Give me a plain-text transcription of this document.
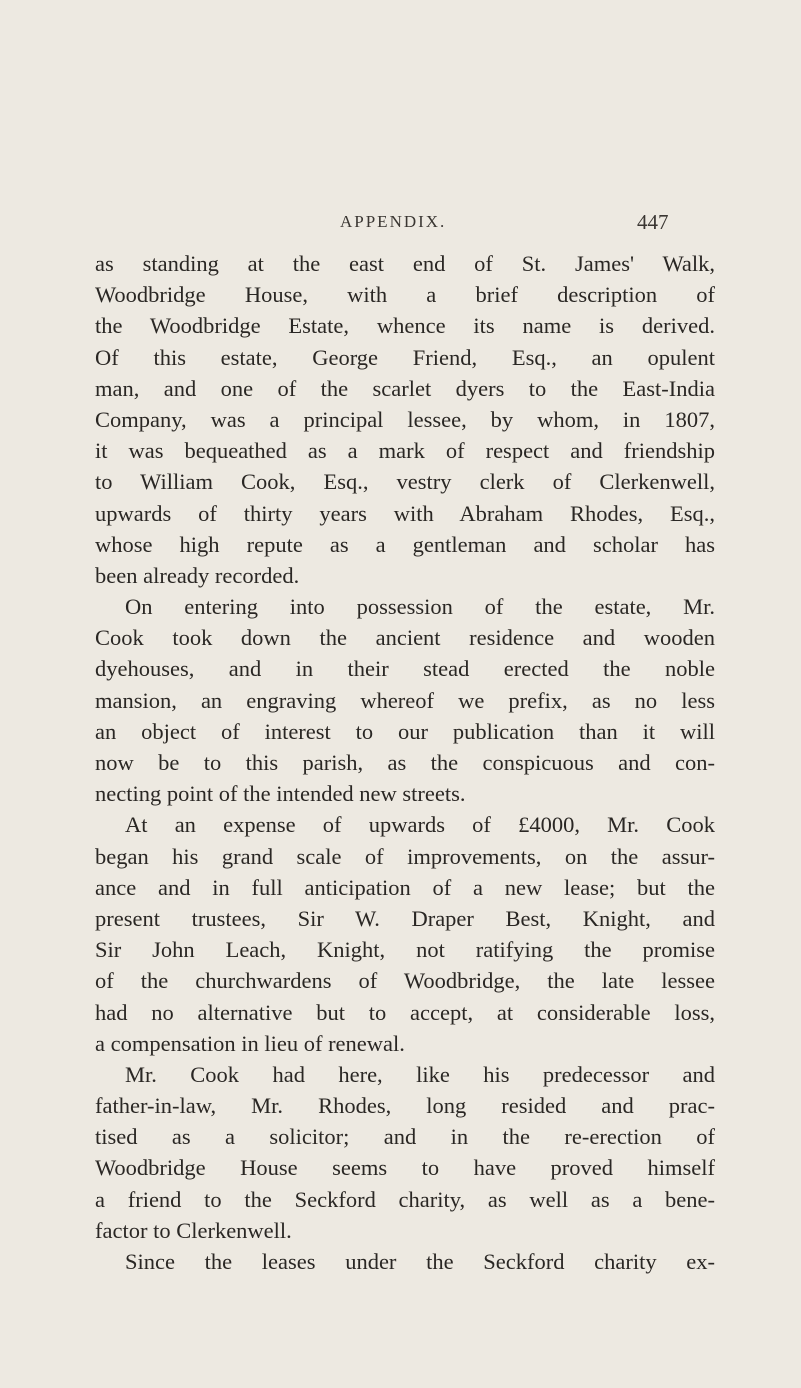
APPENDIX.	447
as standing at the east end of St. James' Walk,
Woodbridge House, with a brief description of
the Woodbridge Estate, whence its name is derived.
Of this estate, George Friend, Esq., an opulent
man, and one of the scarlet dyers to the East-India
Company, was a principal lessee, by whom, in 1807,
it was bequeathed as a mark of respect and friendship
to William Cook, Esq., vestry clerk of Clerkenwell,
upwards of thirty years with Abraham Rhodes, Esq.,
whose high repute as a gentleman and scholar has
been already recorded.
On entering into possession of the estate, Mr.
Cook took down the ancient residence and wooden
dyehouses, and in their stead erected the noble
mansion, an engraving whereof we prefix, as no less
an object of interest to our publication than it will
now be to this parish, as the conspicuous and con-
necting point of the intended new streets.
At an expense of upwards of £4000, Mr. Cook
began his grand scale of improvements, on the assur-
ance and in full anticipation of a new lease; but the
present trustees, Sir W. Draper Best, Knight, and
Sir John Leach, Knight, not ratifying the promise
of the churchwardens of Woodbridge, the late lessee
had no alternative but to accept, at considerable loss,
a compensation in lieu of renewal.
Mr. Cook had here, like his predecessor and
father-in-law, Mr. Rhodes, long resided and prac-
tised as a solicitor; and in the re-erection of
Woodbridge House seems to have proved himself
a friend to the Seckford charity, as well as a bene-
factor to Clerkenwell.
Since the leases under the Seckford charity ex-
